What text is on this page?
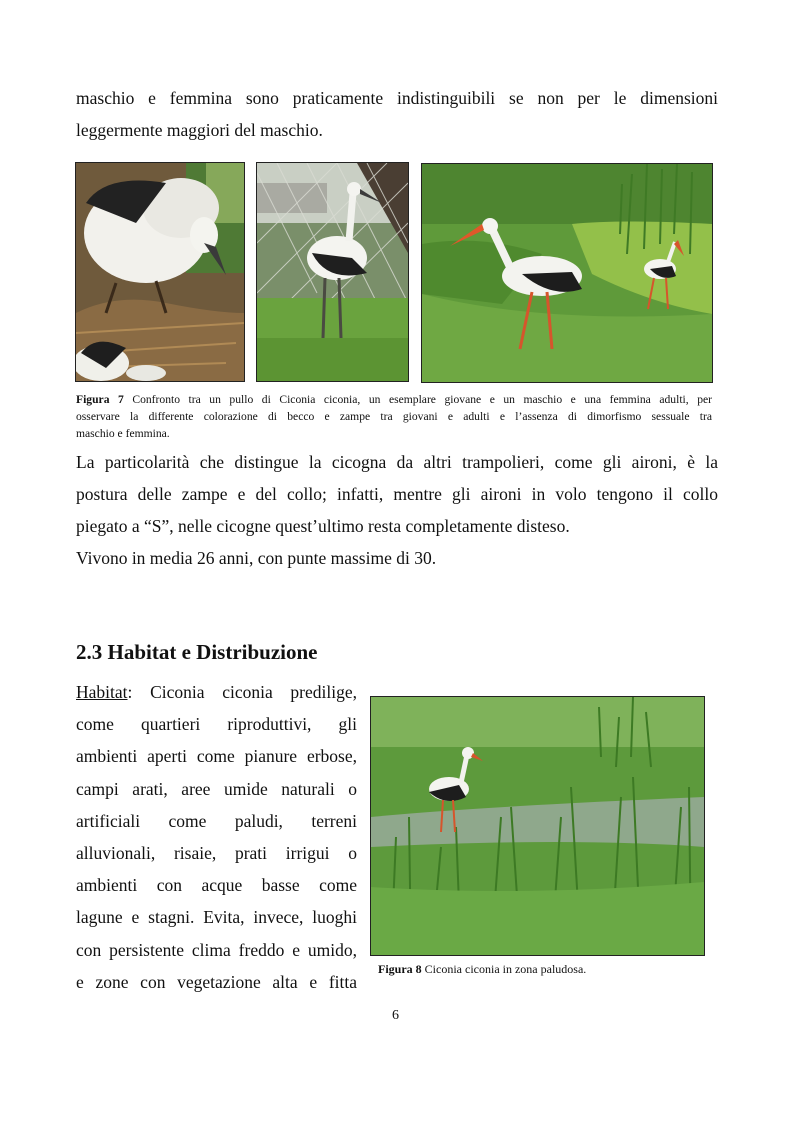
maschio e femmina sono praticamente indistinguibili se non per le dimensioni
leggermente maggiori del maschio.

Figura 7 Confronto tra un pullo di Ciconia ciconia, un esemplare giovane e un maschio e una femmina adulti, per
osservare la differente colorazione di becco e zampe tra giovani e adulti e l’assenza di dimorfismo sessuale tra
maschio e femmina.

La particolarità che distingue la cicogna da altri trampolieri, come gli aironi, è la
postura delle zampe e del collo; infatti, mentre gli aironi in volo tengono il collo
piegato a “S”, nelle cicogne quest’ultimo resta completamente disteso.
Vivono in media 26 anni, con punte massime di 30.

2.3 Habitat e Distribuzione

Habitat: Ciconia ciconia predilige,
come quartieri riproduttivi, gli
ambienti aperti come pianure erbose,
campi arati, aree umide naturali o
artificiali come paludi, terreni
alluvionali, risaie, prati irrigui o
ambienti con acque basse come
lagune e stagni. Evita, invece, luoghi
con persistente clima freddo e umido,
e zone con vegetazione alta e fitta

Figura 8 Ciconia ciconia in zona paludosa.
6
